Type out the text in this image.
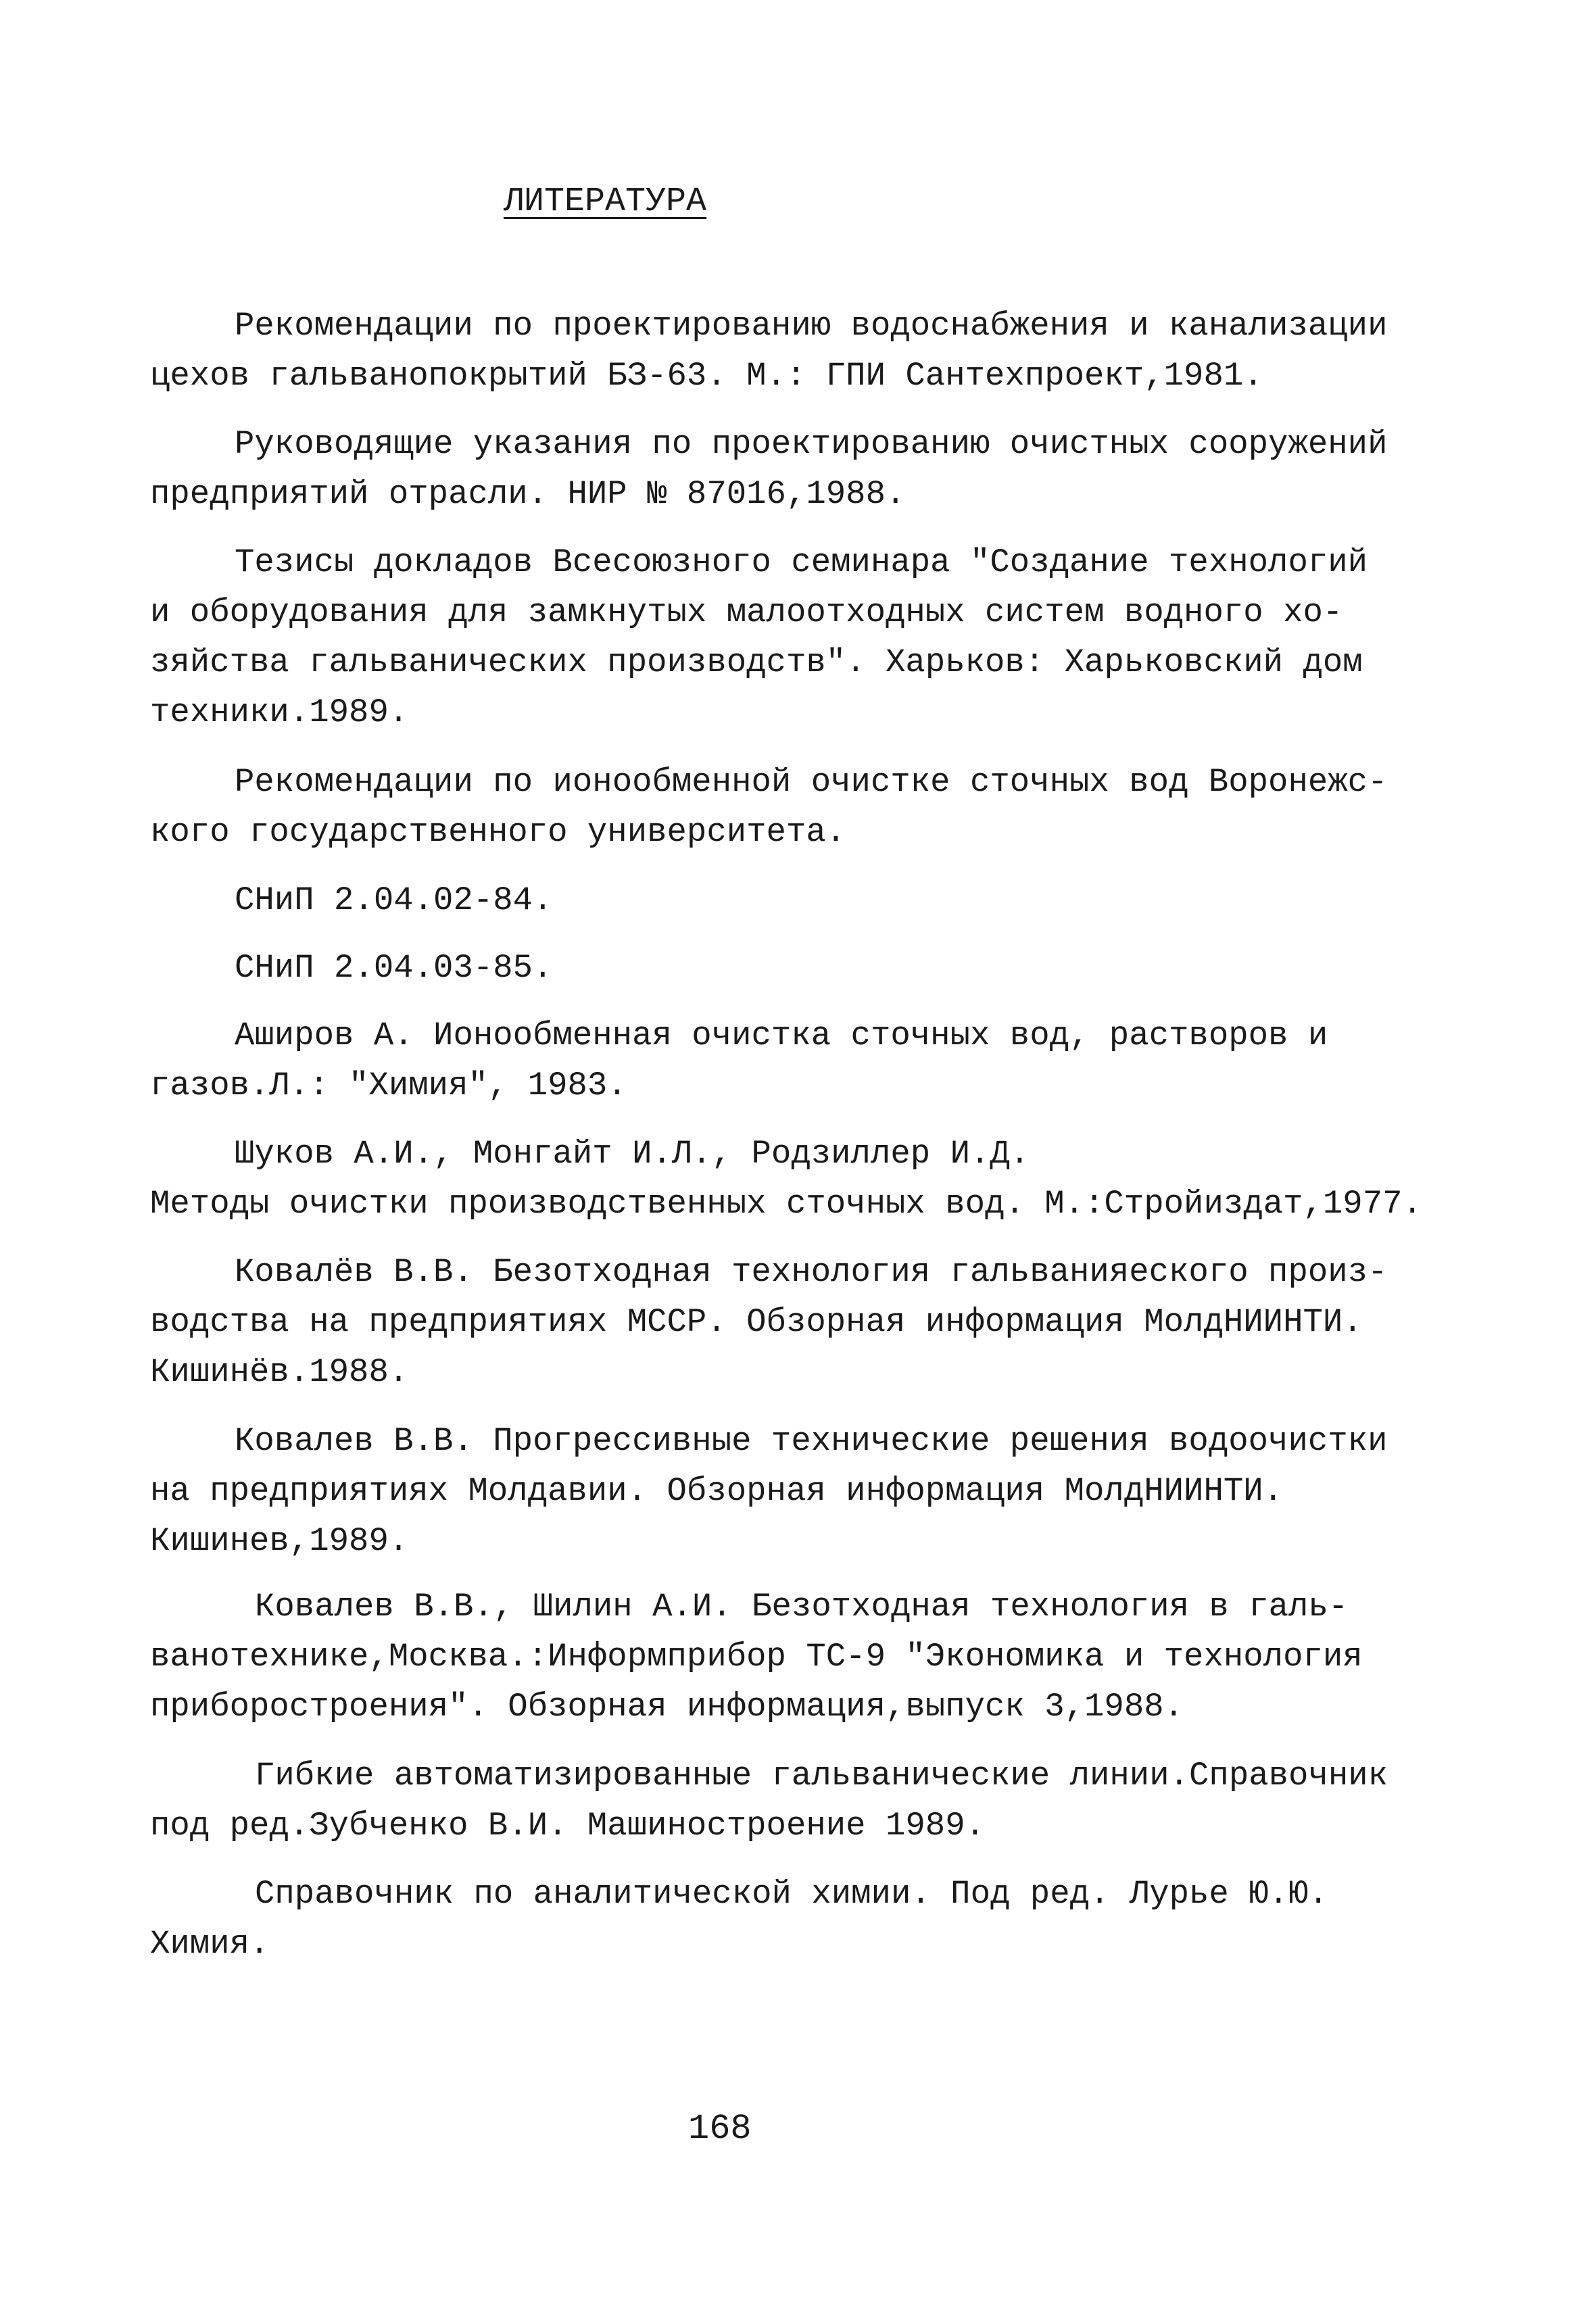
ЛИТЕРАТУРА
Рекомендации по проектированию водоснабжения и канализации
цехов гальванопокрытий БЗ-63. М.: ГПИ Сантехпроект,1981.
Руководящие указания по проектированию очистных сооружений
предприятий отрасли. НИР № 87016,1988.
Тезисы докладов Всесоюзного семинара "Создание технологий
и оборудования для замкнутых малоотходных систем водного хо-
зяйства гальванических производств". Харьков: Харьковский дом
техники.1989.
Рекомендации по ионообменной очистке сточных вод Воронежс-
кого государственного университета.
СНиП 2.04.02-84.
СНиП 2.04.03-85.
Аширов А. Ионообменная очистка сточных вод, растворов и
газов.Л.: "Химия", 1983.
Шуков А.И., Монгайт И.Л., Родзиллер И.Д.
Методы очистки производственных сточных вод. М.:Стройиздат,1977.
Ковалёв В.В. Безотходная технология гальванияеского произ-
водства на предприятиях МССР. Обзорная информация МолдНИИНТИ.
Кишинёв.1988.
Ковалев В.В. Прогрессивные технические решения водоочистки
на предприятиях Молдавии. Обзорная информация МолдНИИНТИ.
Кишинев,1989.
Ковалев В.В., Шилин А.И. Безотходная технология в галь-
ванотехнике,Москва.:Информприбор ТС-9 "Экономика и технология
приборостроения". Обзорная информация,выпуск 3,1988.
Гибкие автоматизированные гальванические линии.Справочник
под ред.Зубченко В.И. Машиностроение 1989.
Справочник по аналитической химии. Под ред. Лурье Ю.Ю.
Химия.
168
